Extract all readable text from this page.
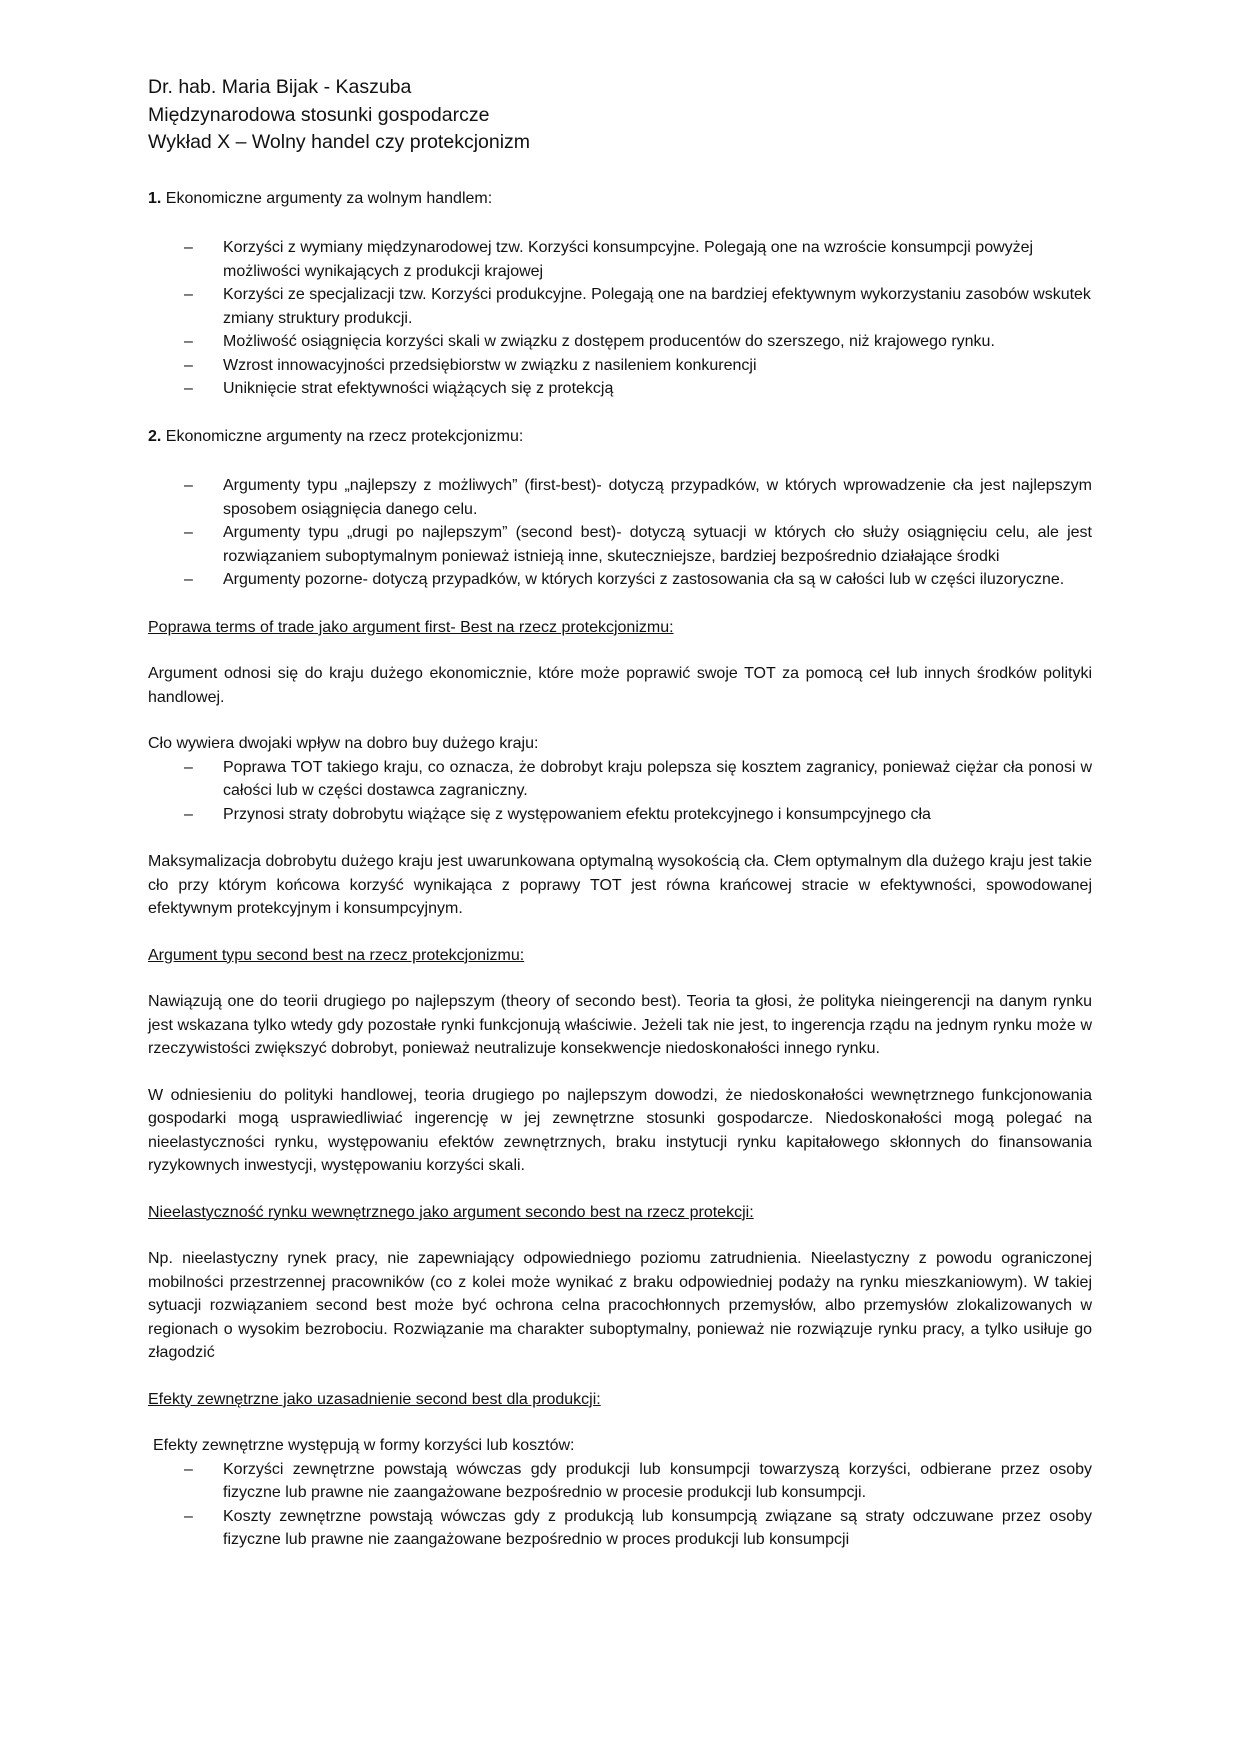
Dr. hab. Maria Bijak - Kaszuba
Międzynarodowa stosunki gospodarcze
Wykład X – Wolny handel czy protekcjonizm
1. Ekonomiczne argumenty za wolnym handlem:
– Korzyści z wymiany międzynarodowej tzw. Korzyści konsumpcyjne. Polegają one na wzroście konsumpcji powyżej możliwości wynikających z produkcji krajowej
– Korzyści ze specjalizacji tzw. Korzyści produkcyjne. Polegają one na bardziej efektywnym wykorzystaniu zasobów wskutek zmiany struktury produkcji.
– Możliwość osiągnięcia korzyści skali w związku z dostępem producentów do szerszego, niż krajowego rynku.
– Wzrost innowacyjności przedsiębiorstw w związku z nasileniem konkurencji
– Uniknięcie strat efektywności wiążących się z protekcją
2. Ekonomiczne argumenty na rzecz protekcjonizmu:
– Argumenty typu „najlepszy z możliwych” (first-best)- dotyczą przypadków, w których wprowadzenie cła jest najlepszym sposobem osiągnięcia danego celu.
– Argumenty typu „drugi po najlepszym” (second best)- dotyczą sytuacji w których cło służy osiągnięciu celu, ale jest rozwiązaniem suboptymalnym ponieważ istnieją inne, skuteczniejsze, bardziej bezpośrednio działające środki
– Argumenty pozorne- dotyczą przypadków, w których korzyści z zastosowania cła są w całości lub w części iluzoryczne.
Poprawa terms of trade jako argument first- Best na rzecz protekcjonizmu:

Argument odnosi się do kraju dużego ekonomicznie, które może poprawić swoje TOT za pomocą ceł lub innych środków polityki handlowej.

Cło wywiera dwojaki wpływ na dobro buy dużego kraju:

– Poprawa TOT takiego kraju, co oznacza, że dobrobyt kraju polepsza się kosztem zagranicy, ponieważ ciężar cła ponosi w całości lub w części dostawca zagraniczny.
– Przynosi straty dobrobytu wiążące się z występowaniem efektu protekcyjnego i konsumpcyjnego cła

Maksymalizacja dobrobytu dużego kraju jest uwarunkowana optymalną wysokością cła. Cłem optymalnym dla dużego kraju jest takie cło przy którym końcowa korzyść wynikająca z poprawy TOT jest równa krańcowej stracie w efektywności, spowodowanej efektywnym protekcyjnym i konsumpcyjnym.

Argument typu second best na rzecz protekcjonizmu:

Nawiązują one do teorii drugiego po najlepszym (theory of secondo best). Teoria ta głosi, że polityka nieingerencji na danym rynku jest wskazana tylko wtedy gdy pozostałe rynki funkcjonują właściwie. Jeżeli tak nie jest, to ingerencja rządu na jednym rynku może w rzeczywistości zwiększyć dobrobyt, ponieważ neutralizuje konsekwencje niedoskonałości innego rynku.

W odniesieniu do polityki handlowej, teoria drugiego po najlepszym dowodzi, że niedoskonałości wewnętrznego funkcjonowania gospodarki mogą usprawiedliwiać ingerencję w jej zewnętrzne stosunki gospodarcze. Niedoskonałości mogą polegać na nieelastyczności rynku, występowaniu efektów zewnętrznych, braku instytucji rynku kapitałowego skłonnych do finansowania ryzykownych inwestycji, występowaniu korzyści skali.

Nieelastyczność rynku wewnętrznego jako argument secondo best na rzecz protekcji:

Np. nieelastyczny rynek pracy, nie zapewniający odpowiedniego poziomu zatrudnienia. Nieelastyczny z powodu ograniczonej mobilności przestrzennej pracowników (co z kolei może wynikać z braku odpowiedniej podaży na rynku mieszkaniowym). W takiej sytuacji rozwiązaniem second best może być ochrona celna pracochłonnych przemysłów, albo przemysłów zlokalizowanych w regionach o wysokim bezrobociu. Rozwiązanie ma charakter suboptymalny, ponieważ nie rozwiązuje rynku pracy, a tylko usiłuje go złagodzić

Efekty zewnętrzne jako uzasadnienie second best dla produkcji:

Efekty zewnętrzne występują w formy korzyści lub kosztów:

– Korzyści zewnętrzne powstają wówczas gdy produkcji lub konsumpcji towarzyszą korzyści, odbierane przez osoby fizyczne lub prawne nie zaangażowane bezpośrednio w procesie produkcji lub konsumpcji.
– Koszty zewnętrzne powstają wówczas gdy z produkcją lub konsumpcją związane są straty odczuwane przez osoby fizyczne lub prawne nie zaangażowane bezpośrednio w proces produkcji lub konsumpcji
